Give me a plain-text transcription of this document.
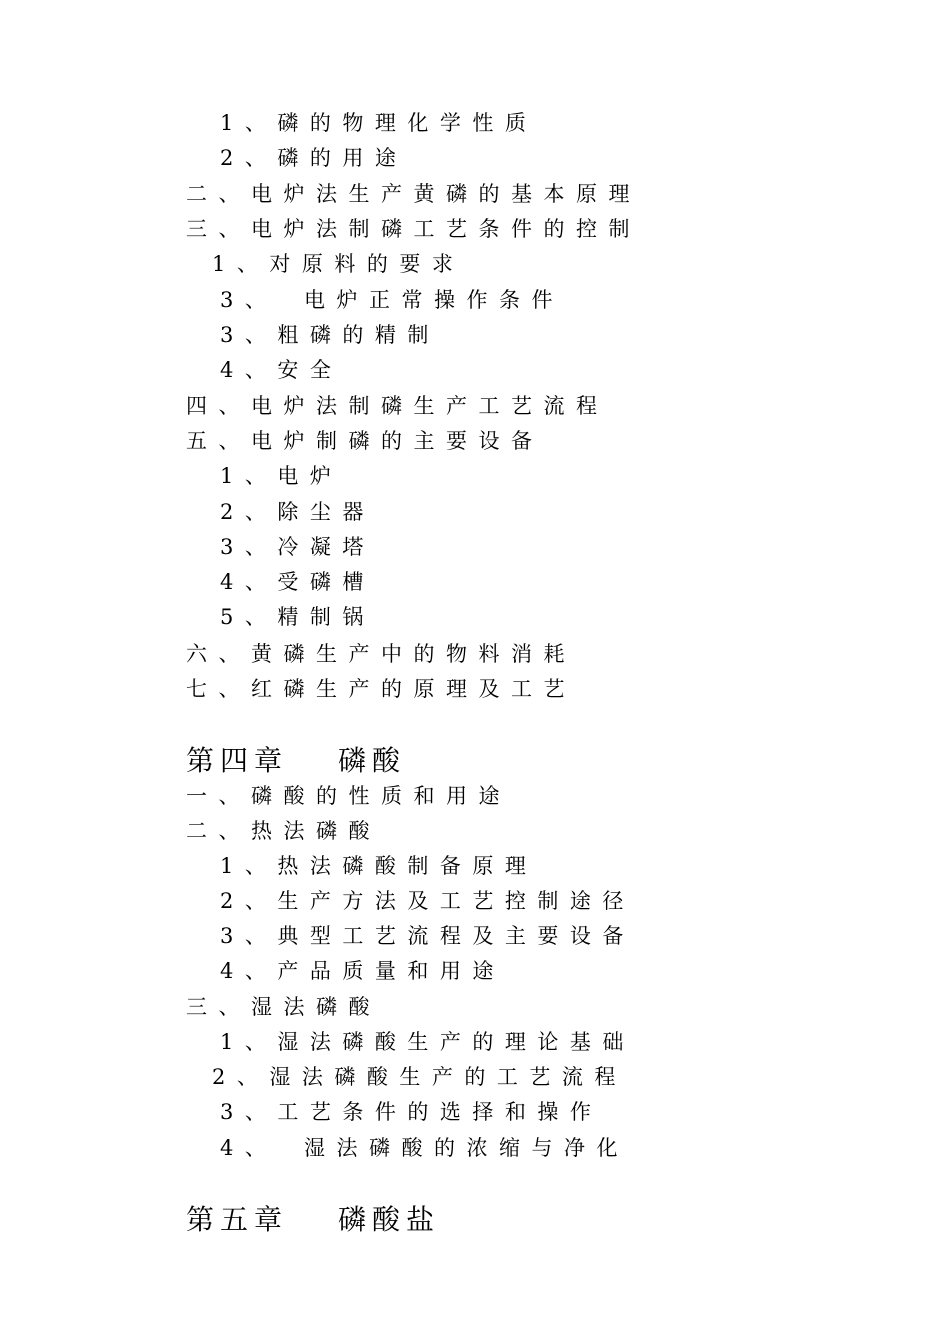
1、磷的物理化学性质
2、磷的用途
二、电炉法生产黄磷的基本原理
三、电炉法制磷工艺条件的控制
1、对原料的要求
3、 电炉正常操作条件
3、粗磷的精制
4、安全
四、电炉法制磷生产工艺流程
五、电炉制磷的主要设备
1、电炉
2、除尘器
3、冷凝塔
4、受磷槽
5、精制锅
六、黄磷生产中的物料消耗
七、红磷生产的原理及工艺
第四章 磷酸
一、磷酸的性质和用途
二、热法磷酸
1、热法磷酸制备原理
2、生产方法及工艺控制途径
3、典型工艺流程及主要设备
4、产品质量和用途
三、湿法磷酸
1、湿法磷酸生产的理论基础
2、湿法磷酸生产的工艺流程
3、工艺条件的选择和操作
4、 湿法磷酸的浓缩与净化
第五章 磷酸盐
